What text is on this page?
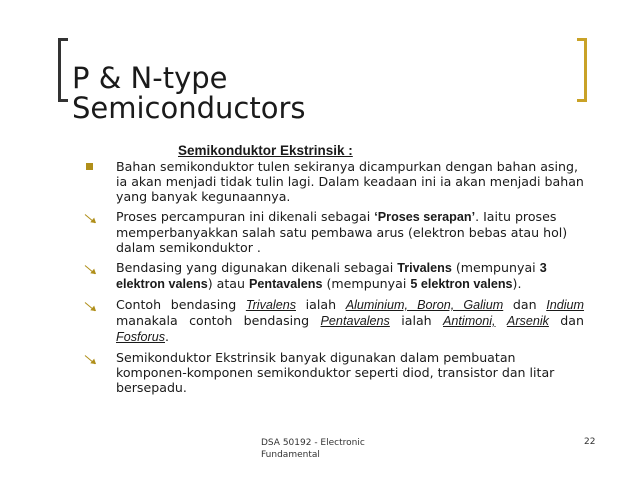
P & N-type
Semiconductors
Semikonduktor Ekstrinsik :
Bahan semikonduktor tulen sekiranya dicampurkan dengan bahan asing, ia akan menjadi tidak tulin lagi. Dalam keadaan ini ia akan menjadi bahan yang banyak kegunaannya.
Proses percampuran ini dikenali sebagai ‘Proses serapan’. Iaitu proses memperbanyakkan salah satu pembawa arus (elektron bebas atau hol) dalam semikonduktor .
Bendasing yang digunakan dikenali sebagai Trivalens (mempunyai 3 elektron valens) atau Pentavalens (mempunyai 5 elektron valens).
Contoh bendasing Trivalens ialah Aluminium, Boron, Galium dan Indium manakala contoh bendasing Pentavalens ialah Antimoni, Arsenik dan Fosforus.
Semikonduktor Ekstrinsik banyak digunakan dalam pembuatan komponen-komponen semikonduktor seperti diod, transistor dan litar bersepadu.
DSA 50192 - Electronic Fundamental
22
